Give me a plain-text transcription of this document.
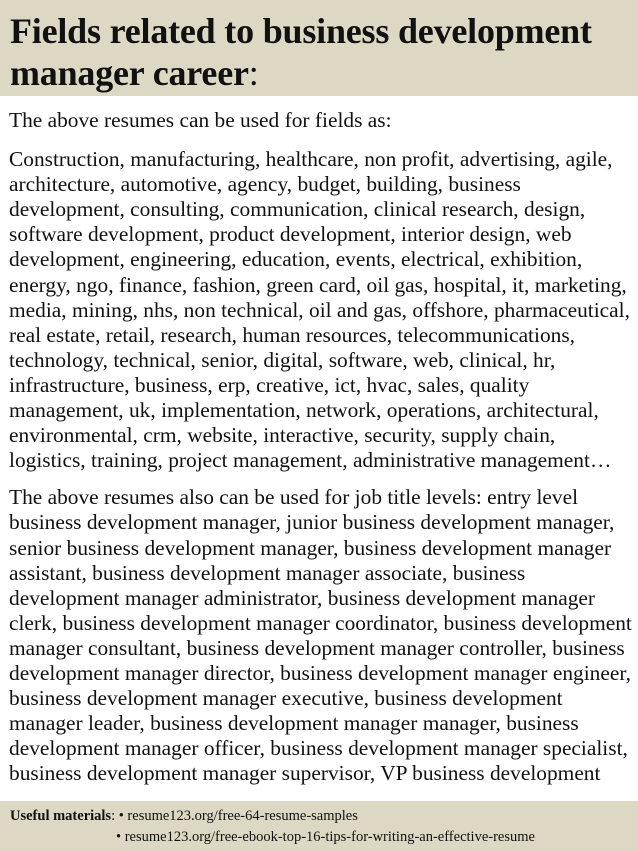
Fields related to business development manager career:

The above resumes can be used for fields as:

Construction, manufacturing, healthcare, non profit, advertising, agile, architecture, automotive, agency, budget, building, business development, consulting, communication, clinical research, design, software development, product development, interior design, web development, engineering, education, events, electrical, exhibition, energy, ngo, finance, fashion, green card, oil gas, hospital, it, marketing, media, mining, nhs, non technical, oil and gas, offshore, pharmaceutical, real estate, retail, research, human resources, telecommunications, technology, technical, senior, digital, software, web, clinical, hr, infrastructure, business, erp, creative, ict, hvac, sales, quality management, uk, implementation, network, operations, architectural, environmental, crm, website, interactive, security, supply chain, logistics, training, project management, administrative management…

The above resumes also can be used for job title levels: entry level business development manager, junior business development manager, senior business development manager, business development manager assistant, business development manager associate, business development manager administrator, business development manager clerk, business development manager coordinator, business development manager consultant, business development manager controller, business development manager director, business development manager engineer, business development manager executive, business development manager leader, business development manager manager, business development manager officer, business development manager specialist, business development manager supervisor, VP business development

Useful materials: • resume123.org/free-64-resume-samples
• resume123.org/free-ebook-top-16-tips-for-writing-an-effective-resume
